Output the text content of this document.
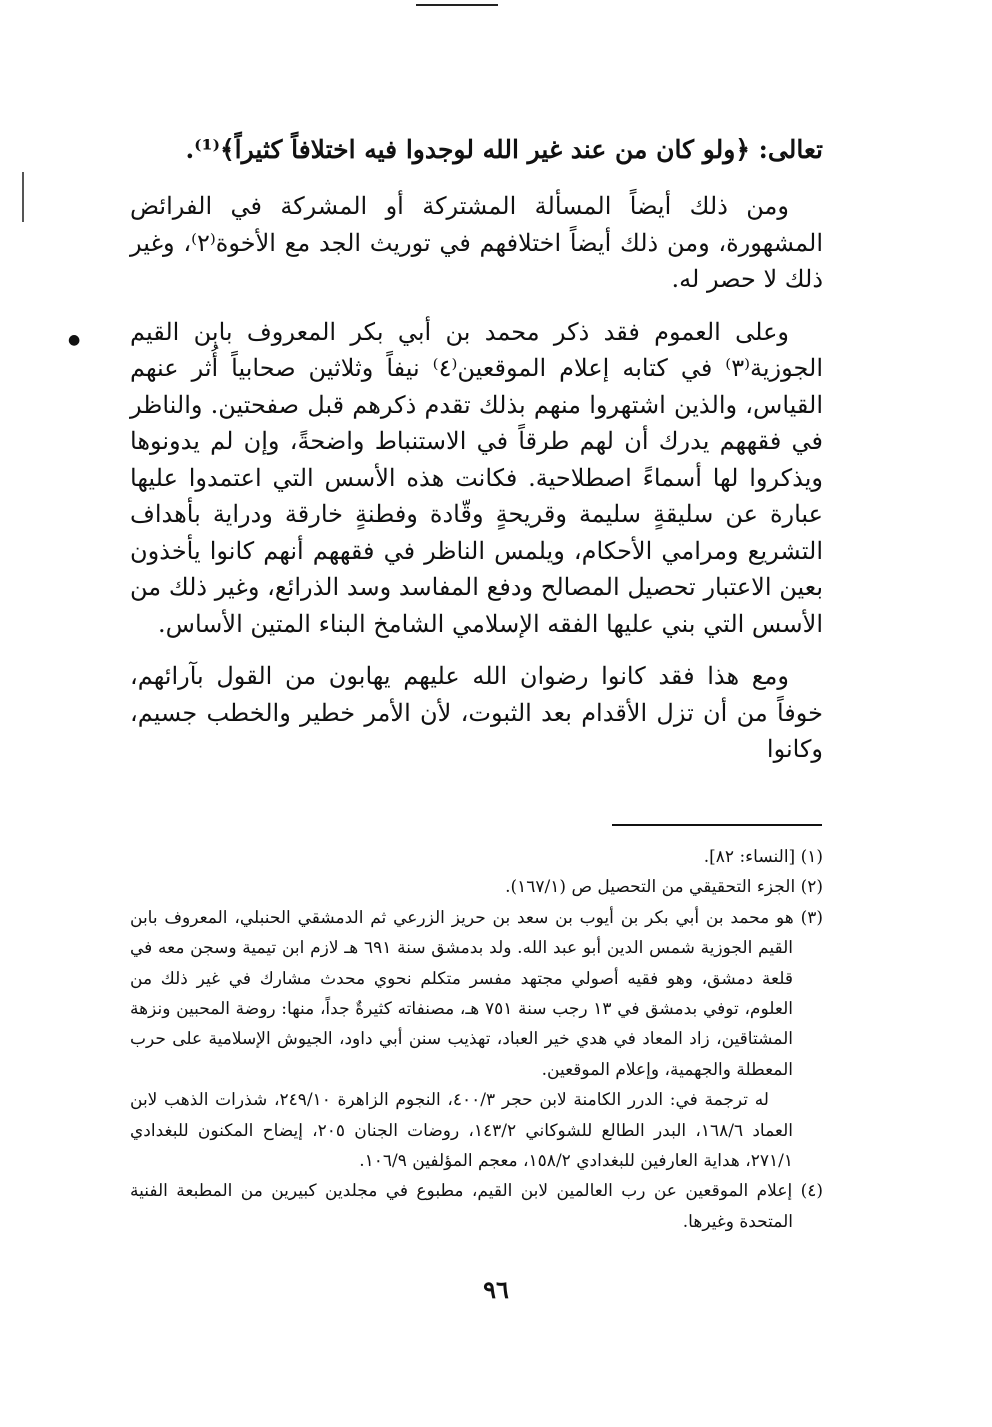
●

تعالى: ﴿ولو كان من عند غير الله لوجدوا فيه اختلافاً كثيراً﴾⁽¹⁾.

ومن ذلك أيضاً المسألة المشتركة أو المشركة في الفرائض المشهورة، ومن ذلك أيضاً اختلافهم في توريث الجد مع الأخوة⁽٢⁾، وغير ذلك لا حصر له.

وعلى العموم فقد ذكر محمد بن أبي بكر المعروف بابن القيم الجوزية⁽٣⁾ في كتابه إعلام الموقعين⁽٤⁾ نيفاً وثلاثين صحابياً أُثر عنهم القياس، والذين اشتهروا منهم بذلك تقدم ذكرهم قبل صفحتين. والناظر في فقههم يدرك أن لهم طرقاً في الاستنباط واضحةً، وإن لم يدونوها ويذكروا لها أسماءً اصطلاحية. فكانت هذه الأسس التي اعتمدوا عليها عبارة عن سليقةٍ سليمة وقريحةٍ وقّادة وفطنةٍ خارقة ودراية بأهداف التشريع ومرامي الأحكام، ويلمس الناظر في فقههم أنهم كانوا يأخذون بعين الاعتبار تحصيل المصالح ودفع المفاسد وسد الذرائع، وغير ذلك من الأسس التي بني عليها الفقه الإسلامي الشامخ البناء المتين الأساس.

ومع هذا فقد كانوا رضوان الله عليهم يهابون من القول بآرائهم، خوفاً من أن تزل الأقدام بعد الثبوت، لأن الأمر خطير والخطب جسيم، وكانوا

(١) [النساء: ٨٢].

(٢) الجزء التحقيقي من التحصيل ص (١٦٧/١).

(٣) هو محمد بن أبي بكر بن أيوب بن سعد بن حريز الزرعي ثم الدمشقي الحنبلي، المعروف بابن القيم الجوزية شمس الدين أبو عبد الله. ولد بدمشق سنة ٦٩١ هـ لازم ابن تيمية وسجن معه في قلعة دمشق، وهو فقيه أصولي مجتهد مفسر متكلم نحوي محدث مشارك في غير ذلك من العلوم، توفي بدمشق في ١٣ رجب سنة ٧٥١ هـ، مصنفاته كثيرةٌ جداً، منها: روضة المحبين ونزهة المشتاقين، زاد المعاد في هدي خير العباد، تهذيب سنن أبي داود، الجيوش الإسلامية على حرب المعطلة والجهمية، وإعلام الموقعين.

له ترجمة في: الدرر الكامنة لابن حجر ٤٠٠/٣، النجوم الزاهرة ٢٤٩/١٠، شذرات الذهب لابن العماد ١٦٨/٦، البدر الطالع للشوكاني ١٤٣/٢، روضات الجنان ٢٠٥، إيضاح المكنون للبغدادي ٢٧١/١، هداية العارفين للبغدادي ١٥٨/٢، معجم المؤلفين ١٠٦/٩.

(٤) إعلام الموقعين عن رب العالمين لابن القيم، مطبوع في مجلدين كبيرين من المطبعة الفنية المتحدة وغيرها.

٩٦
